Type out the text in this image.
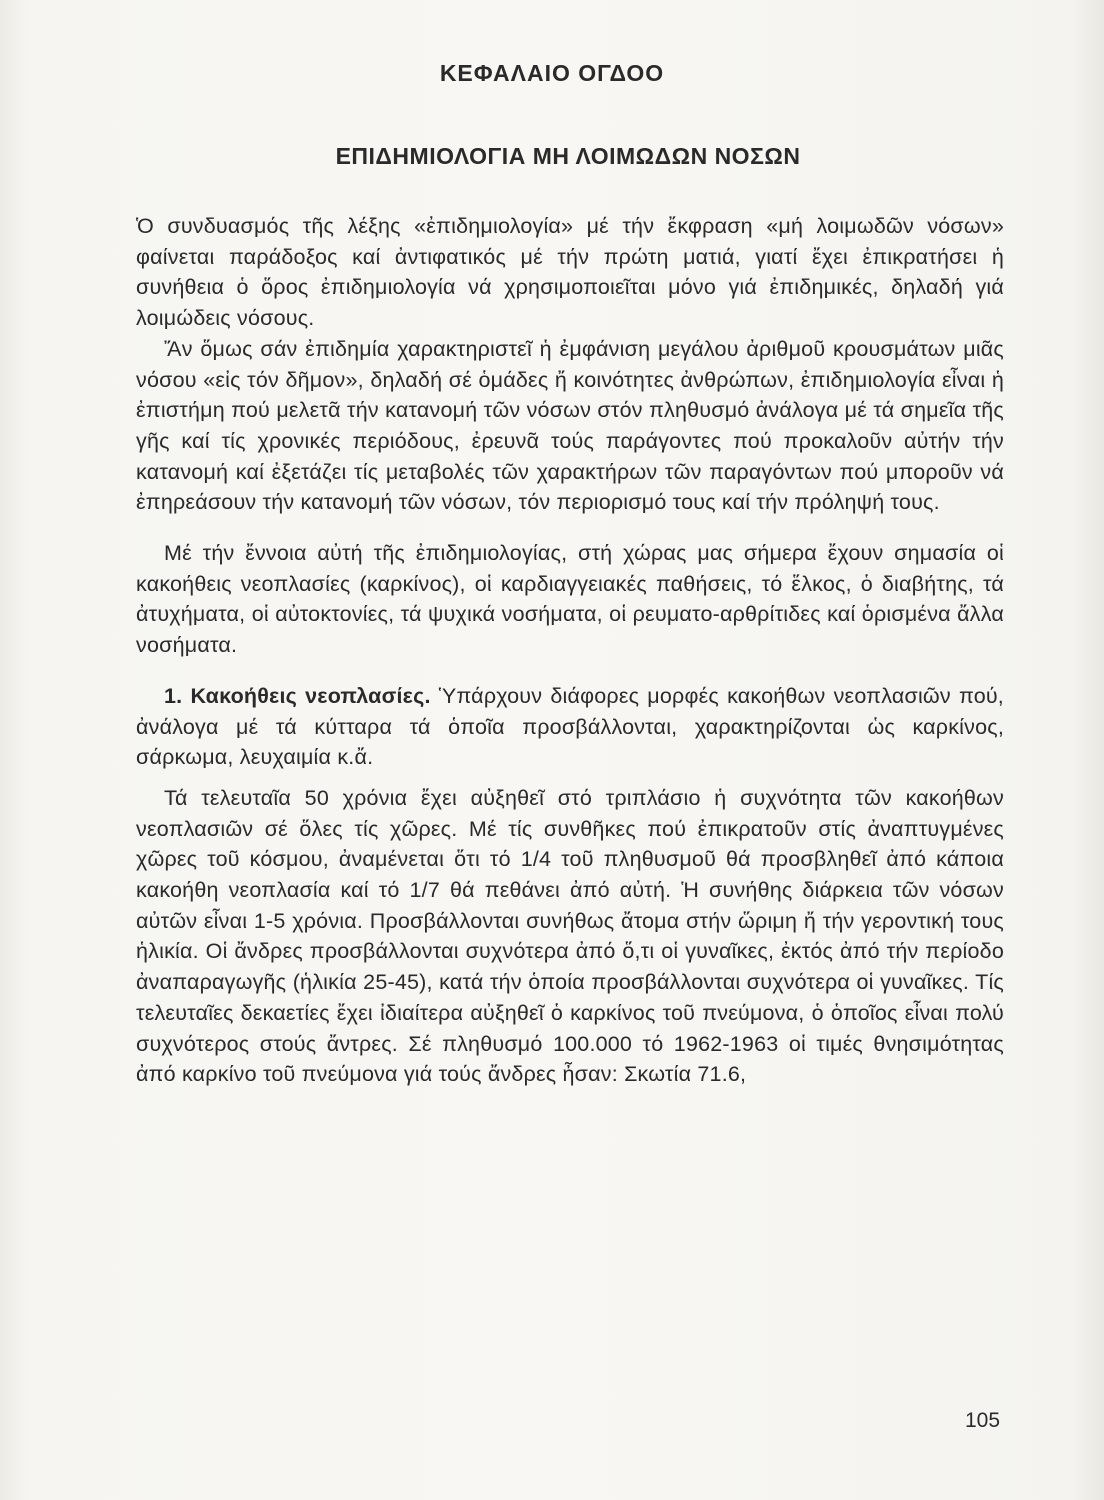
ΚΕΦΑΛΑΙΟ ΟΓΔΟΟ
ΕΠΙΔΗΜΙΟΛΟΓΙΑ ΜΗ ΛΟΙΜΩΔΩΝ ΝΟΣΩΝ

Ὁ συνδυασμός τῆς λέξης «ἐπιδημιολογία» μέ τήν ἔκφραση «μή λοιμωδῶν νόσων» φαίνεται παράδοξος καί ἀντιφατικός μέ τήν πρώτη ματιά, γιατί ἔχει ἐπικρατήσει ἡ συνήθεια ὁ ὅρος ἐπιδημιολογία νά χρησιμοποιεῖται μόνο γιά ἐπιδημικές, δηλαδή γιά λοιμώδεις νόσους.

Ἄν ὅμως σάν ἐπιδημία χαρακτηριστεῖ ἡ ἐμφάνιση μεγάλου ἀριθμοῦ κρουσμάτων μιᾶς νόσου «εἰς τόν δῆμον», δηλαδή σέ ὁμάδες ἤ κοινότητες ἀνθρώπων, ἐπιδημιολογία εἶναι ἡ ἐπιστήμη πού μελετᾶ τήν κατανομή τῶν νόσων στόν πληθυσμό ἀνάλογα μέ τά σημεῖα τῆς γῆς καί τίς χρονικές περιόδους, ἐρευνᾶ τούς παράγοντες πού προκαλοῦν αὐτήν τήν κατανομή καί ἐξετάζει τίς μεταβολές τῶν χαρακτήρων τῶν παραγόντων πού μποροῦν νά ἐπηρεάσουν τήν κατανομή τῶν νόσων, τόν περιορισμό τους καί τήν πρόληψή τους.

Μέ τήν ἔννοια αὐτή τῆς ἐπιδημιολογίας, στή χώρας μας σήμερα ἔχουν σημασία οἱ κακοήθεις νεοπλασίες (καρκίνος), οἱ καρδιαγγειακές παθήσεις, τό ἕλκος, ὁ διαβήτης, τά ἀτυχήματα, οἱ αὐτοκτονίες, τά ψυχικά νοσήματα, οἱ ρευματο-αρθρίτιδες καί ὁρισμένα ἄλλα νοσήματα.

1. Κακοήθεις νεοπλασίες. Ὑπάρχουν διάφορες μορφές κακοήθων νεοπλασιῶν πού, ἀνάλογα μέ τά κύτταρα τά ὁποῖα προσβάλλονται, χαρακτηρίζονται ὡς καρκίνος, σάρκωμα, λευχαιμία κ.ἄ.

Τά τελευταῖα 50 χρόνια ἔχει αὐξηθεῖ στό τριπλάσιο ἡ συχνότητα τῶν κακοήθων νεοπλασιῶν σέ ὅλες τίς χῶρες. Μέ τίς συνθῆκες πού ἐπικρατοῦν στίς ἀναπτυγμένες χῶρες τοῦ κόσμου, ἀναμένεται ὅτι τό 1/4 τοῦ πληθυσμοῦ θά προσβληθεῖ ἀπό κάποια κακοήθη νεοπλασία καί τό 1/7 θά πεθάνει ἀπό αὐτή. Ἡ συνήθης διάρκεια τῶν νόσων αὐτῶν εἶναι 1-5 χρόνια. Προσβάλλονται συνήθως ἄτομα στήν ὥριμη ἤ τήν γεροντική τους ἡλικία. Οἱ ἄνδρες προσβάλλονται συχνότερα ἀπό ὅ,τι οἱ γυναῖκες, ἐκτός ἀπό τήν περίοδο ἀναπαραγωγῆς (ἡλικία 25-45), κατά τήν ὁποία προσβάλλονται συχνότερα οἱ γυναῖκες. Τίς τελευταῖες δεκαετίες ἔχει ἰδιαίτερα αὐξηθεῖ ὁ καρκίνος τοῦ πνεύμονα, ὁ ὁποῖος εἶναι πολύ συχνότερος στούς ἄντρες. Σέ πληθυσμό 100.000 τό 1962-1963 οἱ τιμές θνησιμότητας ἀπό καρκίνο τοῦ πνεύμονα γιά τούς ἄνδρες ἦσαν: Σκωτία 71.6,

105
